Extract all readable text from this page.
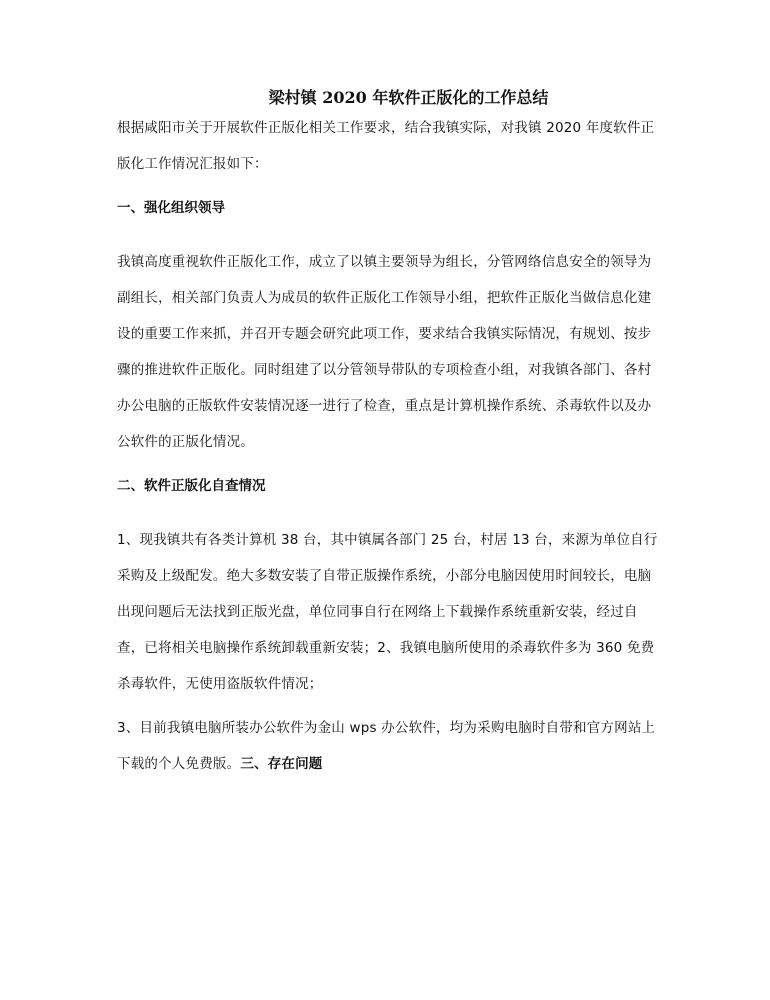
梁村镇 2020 年软件正版化的工作总结

根据咸阳市关于开展软件正版化相关工作要求，结合我镇实际，对我镇 2020 年度软件正版化工作情况汇报如下：

一、强化组织领导

我镇高度重视软件正版化工作，成立了以镇主要领导为组长，分管网络信息安全的领导为副组长，相关部门负责人为成员的软件正版化工作领导小组，把软件正版化当做信息化建设的重要工作来抓，并召开专题会研究此项工作，要求结合我镇实际情况，有规划、按步骤的推进软件正版化。同时组建了以分管领导带队的专项检查小组，对我镇各部门、各村办公电脑的正版软件安装情况逐一进行了检查，重点是计算机操作系统、杀毒软件以及办公软件的正版化情况。

二、软件正版化自查情况

1、现我镇共有各类计算机 38 台，其中镇属各部门 25 台，村居 13 台，来源为单位自行采购及上级配发。绝大多数安装了自带正版操作系统，小部分电脑因使用时间较长，电脑出现问题后无法找到正版光盘，单位同事自行在网络上下载操作系统重新安装，经过自查，已将相关电脑操作系统卸载重新安装；2、我镇电脑所使用的杀毒软件多为 360 免费杀毒软件，无使用盗版软件情况；

3、目前我镇电脑所装办公软件为金山 wps 办公软件，均为采购电脑时自带和官方网站上下载的个人免费版。三、存在问题
